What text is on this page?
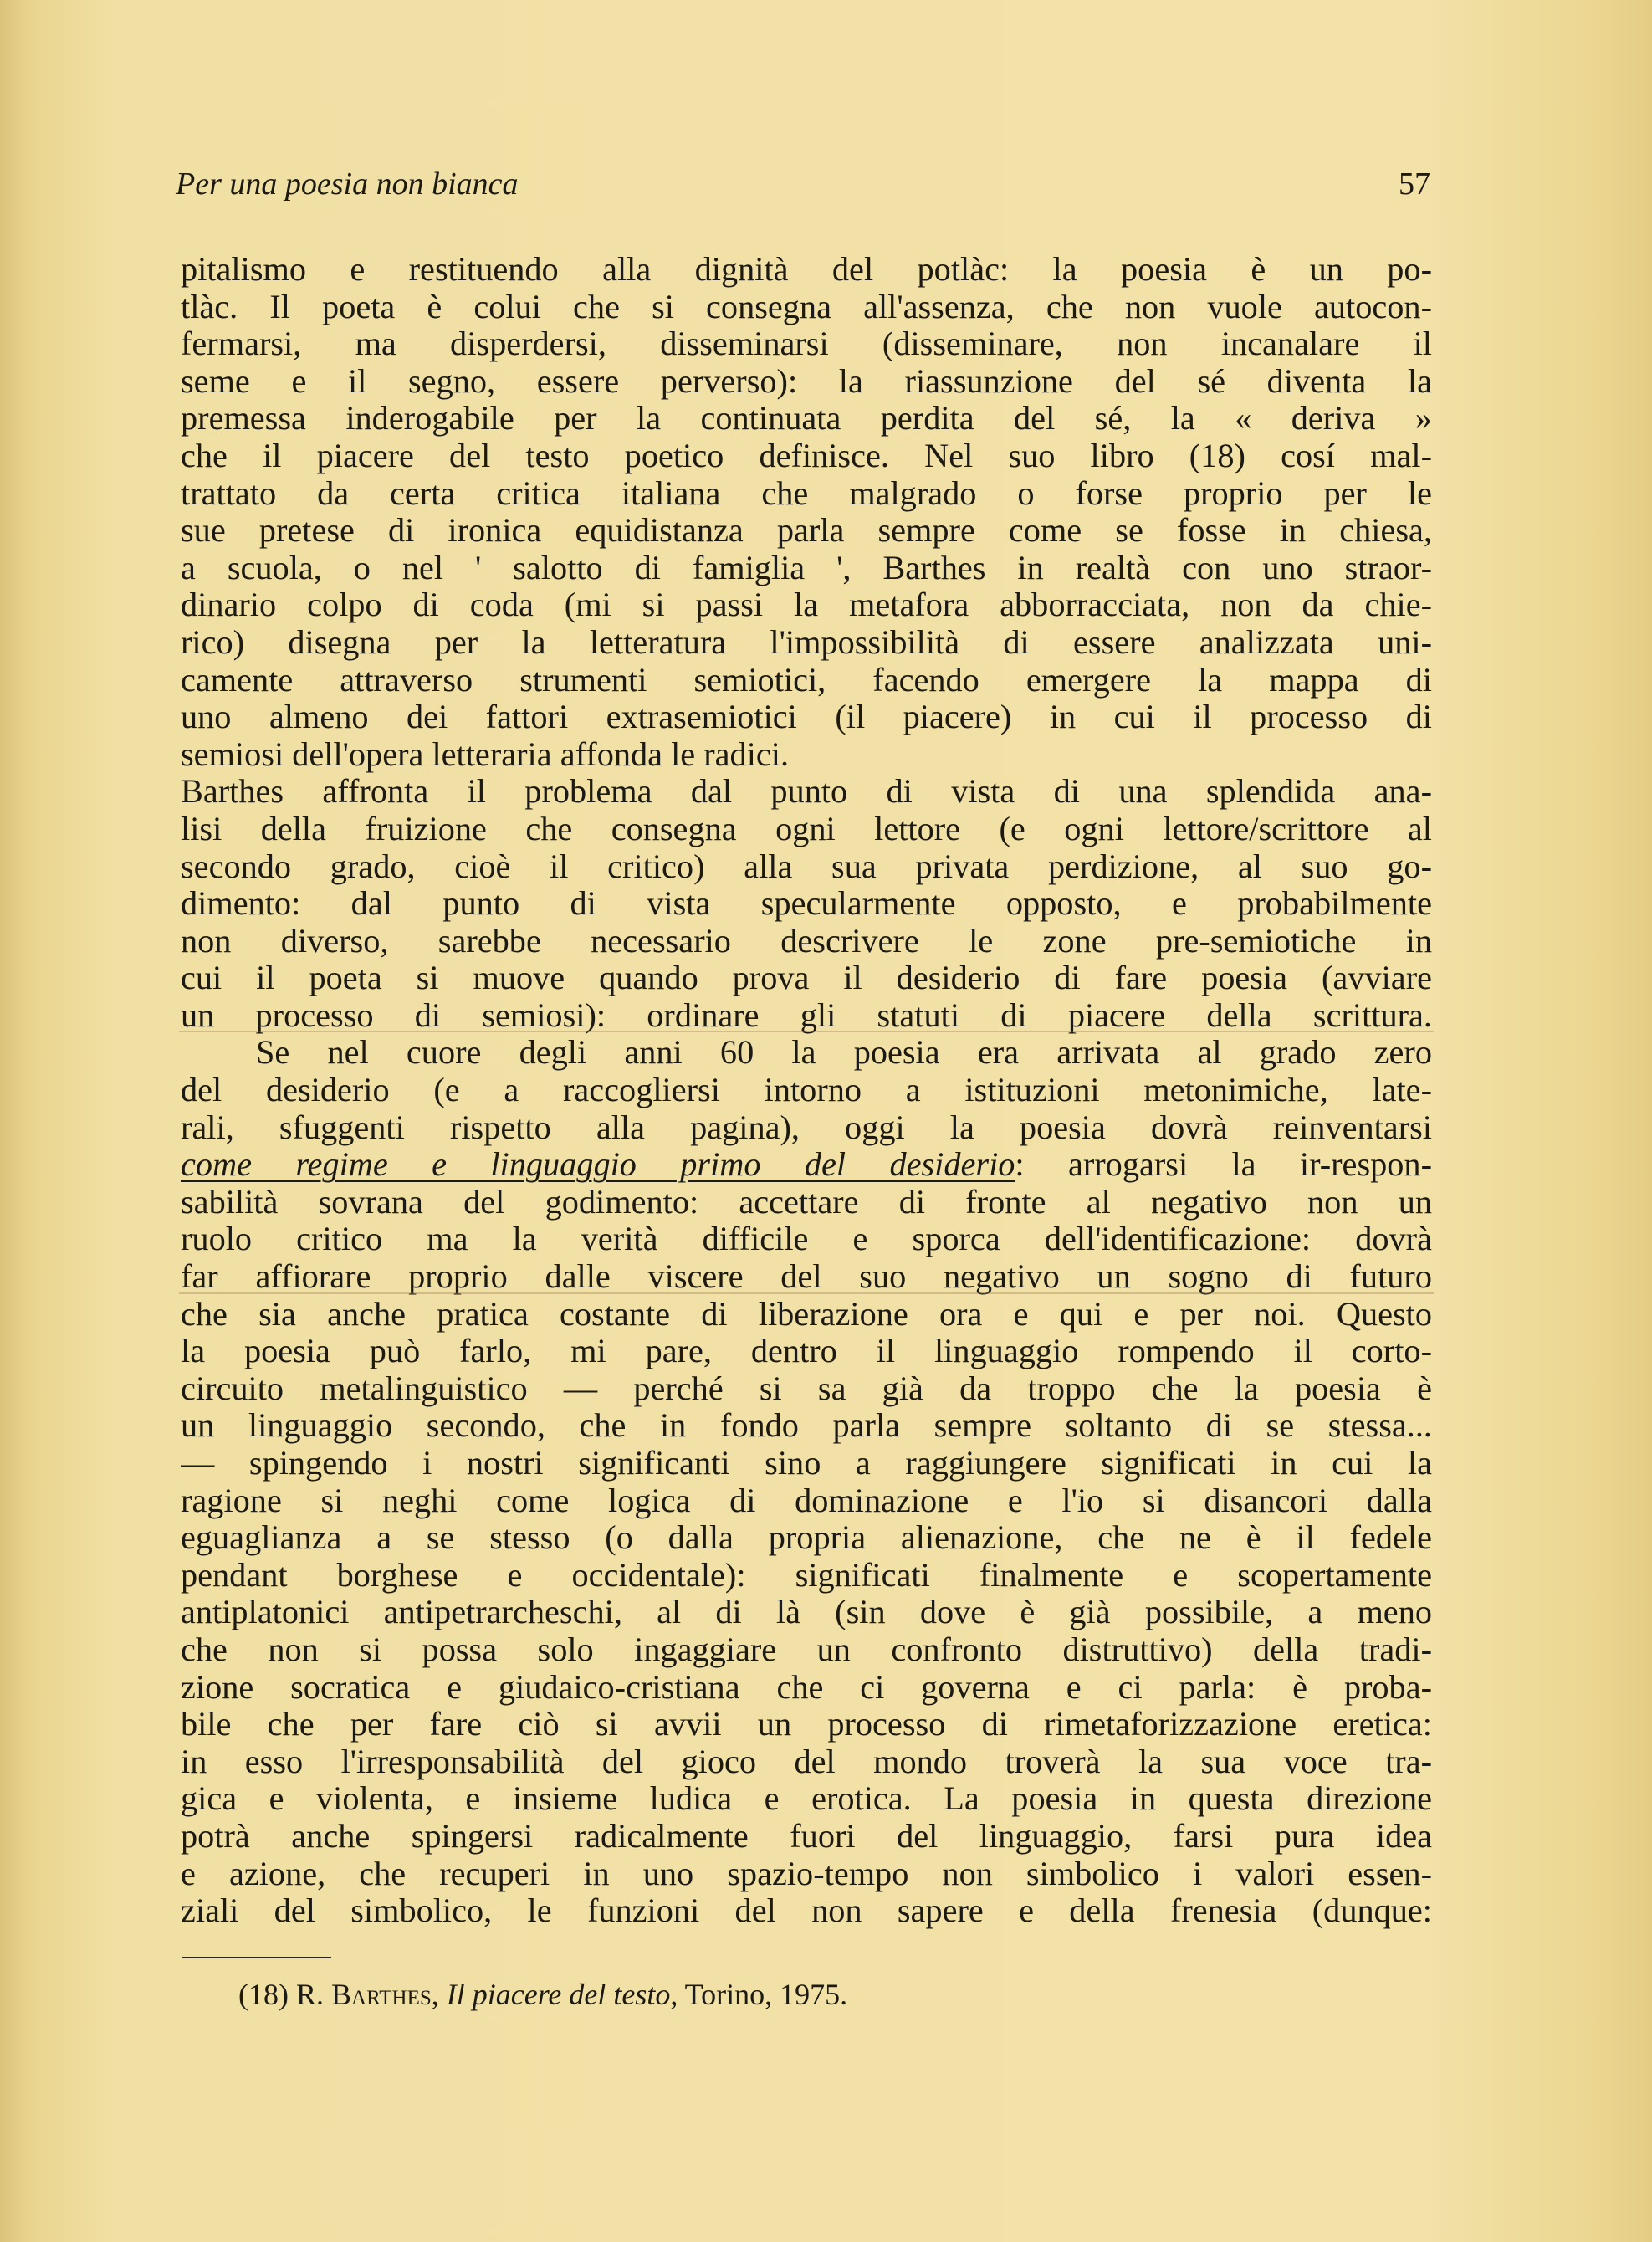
Per una poesia non bianca	57
pitalismo e restituendo alla dignità del potlàc: la poesia è un po-
tlàc. Il poeta è colui che si consegna all'assenza, che non vuole autocon-
fermarsi, ma disperdersi, disseminarsi (disseminare, non incanalare il
seme e il segno, essere perverso): la riassunzione del sé diventa la
premessa inderogabile per la continuata perdita del sé, la « deriva »
che il piacere del testo poetico definisce. Nel suo libro (18) cosí mal-
trattato da certa critica italiana che malgrado o forse proprio per le
sue pretese di ironica equidistanza parla sempre come se fosse in chiesa,
a scuola, o nel ' salotto di famiglia ', Barthes in realtà con uno straor-
dinario colpo di coda (mi si passi la metafora abborracciata, non da chie-
rico) disegna per la letteratura l'impossibilità di essere analizzata uni-
camente attraverso strumenti semiotici, facendo emergere la mappa di
uno almeno dei fattori extrasemiotici (il piacere) in cui il processo di
semiosi dell'opera letteraria affonda le radici.
Barthes affronta il problema dal punto di vista di una splendida ana-
lisi della fruizione che consegna ogni lettore (e ogni lettore/scrittore al
secondo grado, cioè il critico) alla sua privata perdizione, al suo go-
dimento: dal punto di vista specularmente opposto, e probabilmente
non diverso, sarebbe necessario descrivere le zone pre-semiotiche in
cui il poeta si muove quando prova il desiderio di fare poesia (avviare
un processo di semiosi): ordinare gli statuti di piacere della scrittura.
Se nel cuore degli anni 60 la poesia era arrivata al grado zero
del desiderio (e a raccogliersi intorno a istituzioni metonimiche, late-
rali, sfuggenti rispetto alla pagina), oggi la poesia dovrà reinventarsi
come regime e linguaggio primo del desiderio: arrogarsi la ir-respon-
sabilità sovrana del godimento: accettare di fronte al negativo non un
ruolo critico ma la verità difficile e sporca dell'identificazione: dovrà
far affiorare proprio dalle viscere del suo negativo un sogno di futuro
che sia anche pratica costante di liberazione ora e qui e per noi. Questo
la poesia può farlo, mi pare, dentro il linguaggio rompendo il corto-
circuito metalinguistico — perché si sa già da troppo che la poesia è
un linguaggio secondo, che in fondo parla sempre soltanto di se stessa...
— spingendo i nostri significanti sino a raggiungere significati in cui la
ragione si neghi come logica di dominazione e l'io si disancori dalla
eguaglianza a se stesso (o dalla propria alienazione, che ne è il fedele
pendant borghese e occidentale): significati finalmente e scopertamente
antiplatonici antipetrarcheschi, al di là (sin dove è già possibile, a meno
che non si possa solo ingaggiare un confronto distruttivo) della tradi-
zione socratica e giudaico-cristiana che ci governa e ci parla: è proba-
bile che per fare ciò si avvii un processo di rimetaforizzazione eretica:
in esso l'irresponsabilità del gioco del mondo troverà la sua voce tra-
gica e violenta, e insieme ludica e erotica. La poesia in questa direzione
potrà anche spingersi radicalmente fuori del linguaggio, farsi pura idea
e azione, che recuperi in uno spazio-tempo non simbolico i valori essen-
ziali del simbolico, le funzioni del non sapere e della frenesia (dunque:
(18) R. Barthes, Il piacere del testo, Torino, 1975.
